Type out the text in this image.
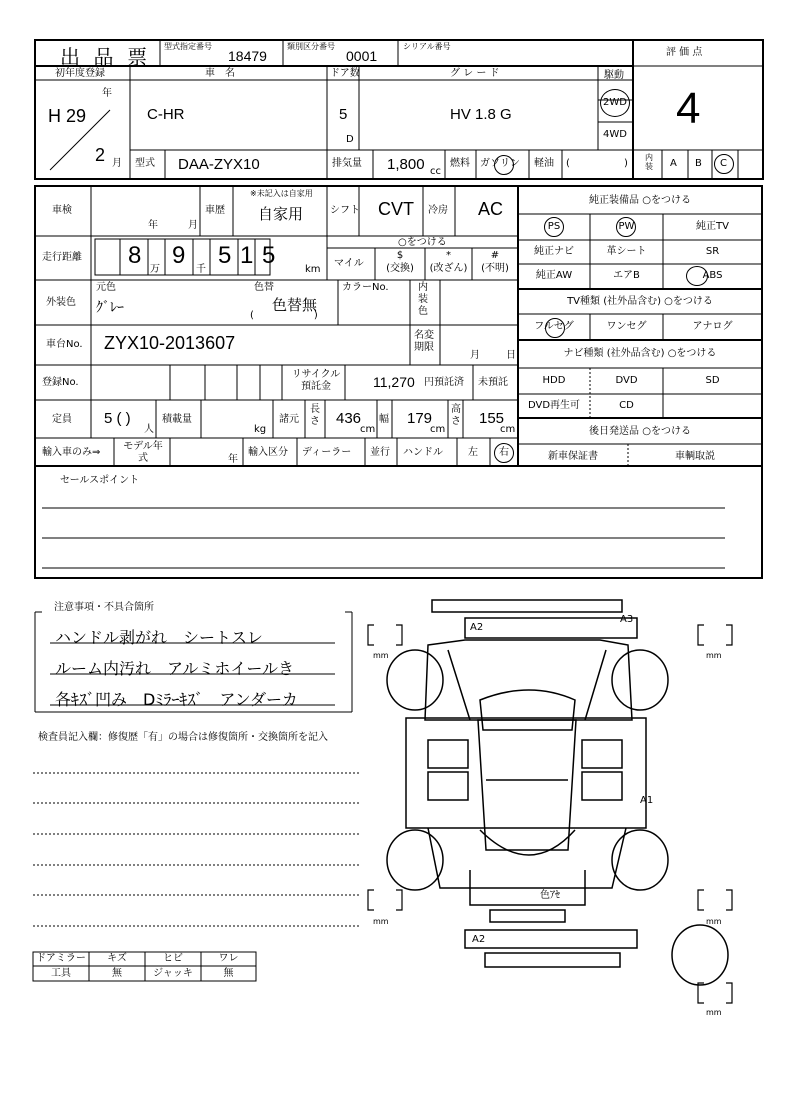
出 品 票
型式指定番号
18479
類別区分番号
0001
シリアル番号
評 価 点
4
初年度登録
年
H 29
2 月
車　名
C-HR
ドア数
5
D
グ レ ー ド
HV 1.8 G
駆動
2WD
4WD
型式 DAA-ZYX10	排気量 1,800 cc
燃料 ガソリン 軽油 (	)
内装 A B C
車検
年	月
車歴
※未記入は自家用
自家用	シフト CVT 冷房 AC
走行距離 8
万
9
千
5 1 5
km
○をつける
マイル
$
(交換)
*
(改ざん)
#
(不明)
外装色
元色
ｸﾞﾚｰ
色替
色替無
(　　　　　　)
カラーNo.	内装色
車台No. ZYX10-2013607	名変期限
月	日
登録No.
リサイクル預託金	11,270 円預託済 未預託
定員 5 ( )
人
積載量
kg
諸元
長さ 436
cm
幅 179
cm
高さ 155
cm
輸入車のみ⇒
モデル年式	年
輸入区分 ディーラー 並行 ハンドル	左 右
純正装備品 ○をつける
PS	PW	純正TV
純正ナビ	革シート	SR
純正AW	エアB	ABS
TV種類 (社外品含む) ○をつける
フルセグ	ワンセグ	アナログ
ナビ種類 (社外品含む) ○をつける
HDD	DVD	SD
DVD再生可	CD
後日発送品 ○をつける
新車保証書	車輌取説
セールスポイント
注意事項・不具合箇所
ハンドル剥がれ　シートスレ
ルーム内汚れ　アルミホイールき
各ｷｽﾞ凹み　Dﾐﾗｰｷｽﾞ　アンダーカ
検査員記入欄：修復歴「有」の場合は修復箇所・交換箇所を記入
ドアミラー	キズ	ヒビ	ワレ
工具	無	ジャッキ	無
mm	mm
mm	mm
mm
A2
A3
A1
色ｱｾ
A2
